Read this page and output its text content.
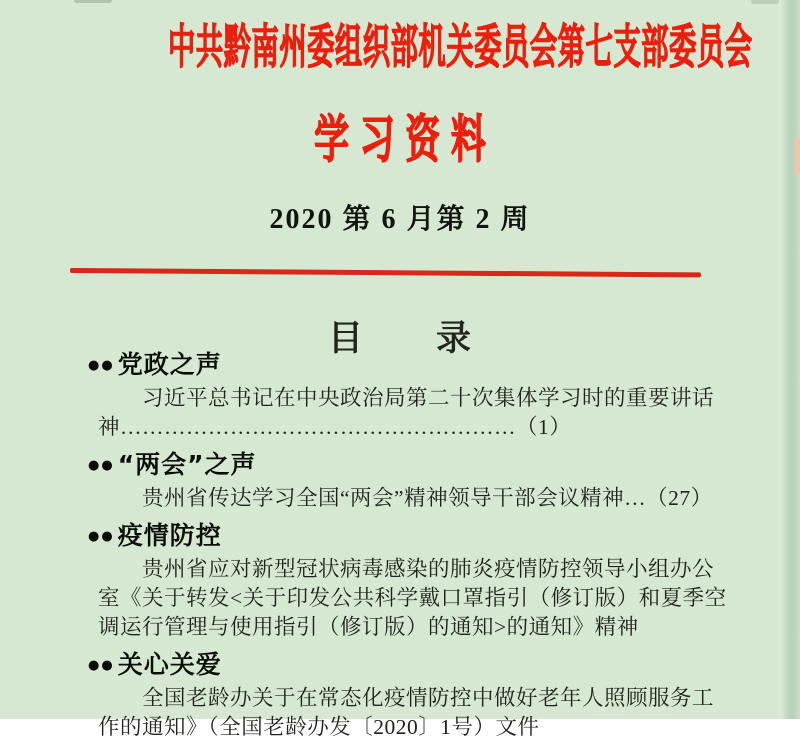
中共黔南州委组织部机关委员会第七支部委员会
学习资料
2020 第 6 月第 2 周
目　　录
●● 党政之声
　　习近平总书记在中央政治局第二十次集体学习时的重要讲话
神………………………………………………（1）
●● “两会”之声
　　贵州省传达学习全国“两会”精神领导干部会议精神…（27）
●● 疫情防控
　　贵州省应对新型冠状病毒感染的肺炎疫情防控领导小组办公
室《关于转发<关于印发公共科学戴口罩指引（修订版）和夏季空
调运行管理与使用指引（修订版）的通知>的通知》精神
●● 关心关爱
　　全国老龄办关于在常态化疫情防控中做好老年人照顾服务工
作的通知》（全国老龄办发〔2020〕1号）文件
